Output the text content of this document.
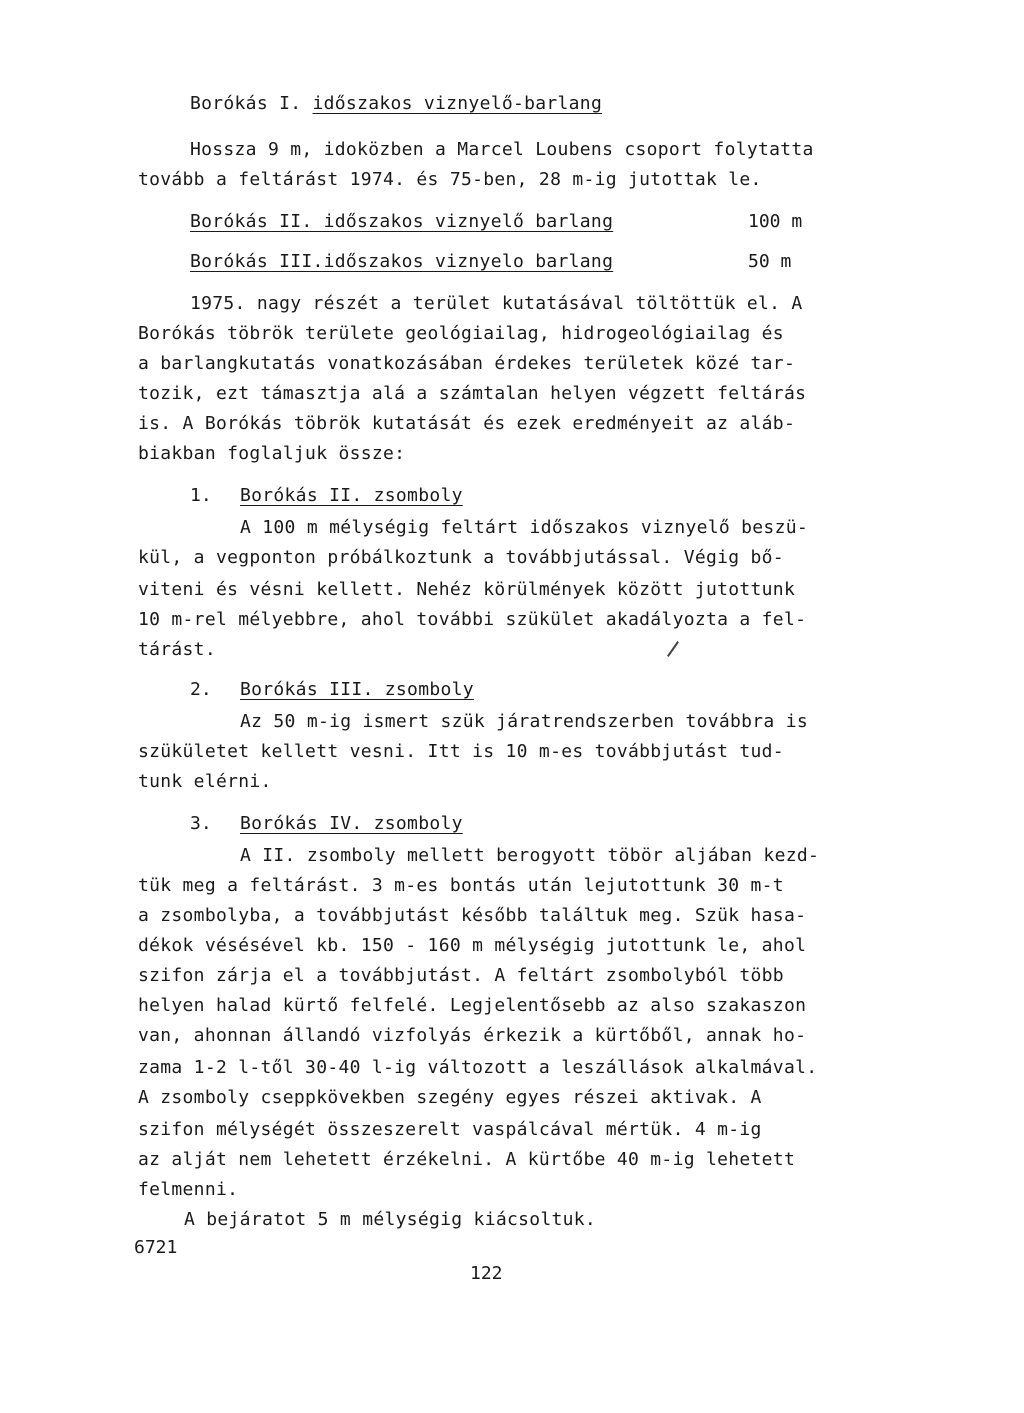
Borókás I. időszakos viznyelő-barlang
Hossza 9 m, idoközben a Marcel Loubens csoport folytatta
tovább a feltárást 1974. és 75-ben, 28 m-ig jutottak le.
Borókás II. időszakos viznyelő barlang	100 m
Borókás III.időszakos viznyelo barlang	50 m
1975. nagy részét a terület kutatásával töltöttük el. A
Borókás töbrök területe geológiailag, hidrogeológiailag és
a barlangkutatás vonatkozásában érdekes területek közé tar-
tozik, ezt támasztja alá a számtalan helyen végzett feltárás
is. A Borókás töbrök kutatását és ezek eredményeit az aláb-
biakban foglaljuk össze:
1. Borókás II. zsomboly
A 100 m mélységig feltárt időszakos viznyelő beszü-
kül, a vegponton próbálkoztunk a továbbjutással. Végig bő-
viteni és vésni kellett. Nehéz körülmények között jutottunk
10 m-rel mélyebbre, ahol további szükület akadályozta a fel-
tárást.
2. Borókás III. zsomboly
Az 50 m-ig ismert szük járatrendszerben továbbra is
szükületet kellett vesni. Itt is 10 m-es továbbjutást tud-
tunk elérni.
3. Borókás IV. zsomboly
A II. zsomboly mellett berogyott töbör aljában kezd-
tük meg a feltárást. 3 m-es bontás után lejutottunk 30 m-t
a zsombolyba, a továbbjutást később találtuk meg. Szük hasa-
dékok vésésével kb. 150 - 160 m mélységig jutottunk le, ahol
szifon zárja el a továbbjutást. A feltárt zsombolyból több
helyen halad kürtő felfelé. Legjelentősebb az also szakaszon
van, ahonnan állandó vizfolyás érkezik a kürtőből, annak ho-
zama 1-2 l-től 30-40 l-ig változott a leszállások alkalmával.
A zsomboly cseppkövekben szegény egyes részei aktivak. A
szifon mélységét összeszerelt vaspálcával mértük. 4 m-ig
az alját nem lehetett érzékelni. A kürtőbe 40 m-ig lehetett
felmenni.
A bejáratot 5 m mélységig kiácsoltuk.
6721
122
